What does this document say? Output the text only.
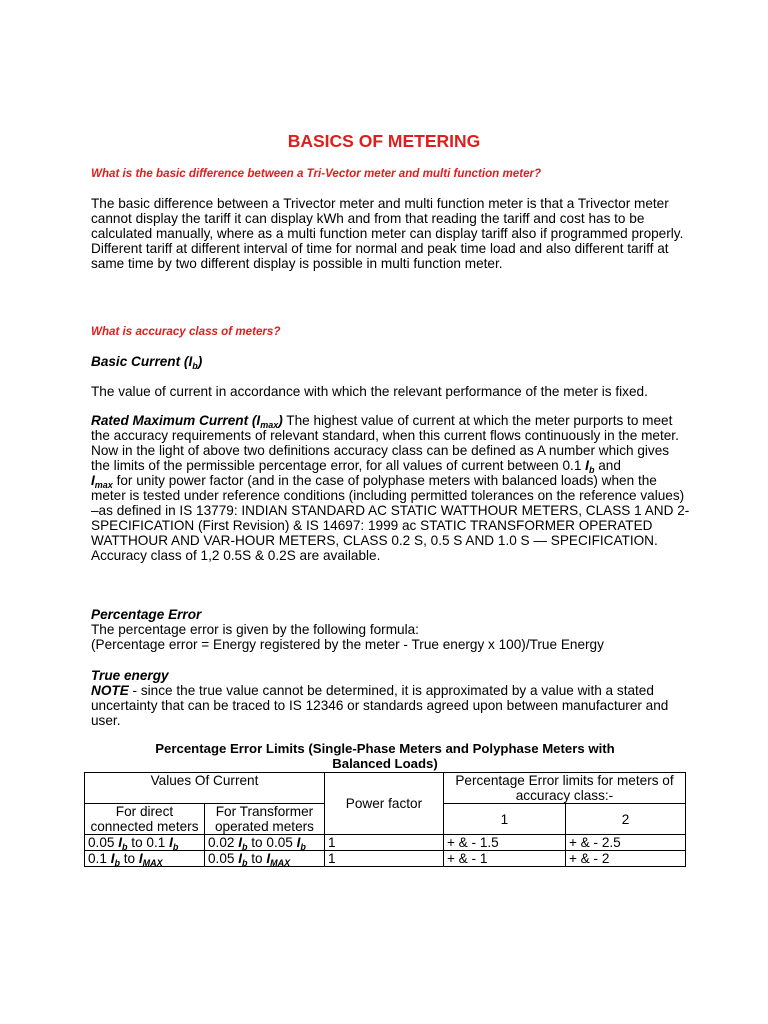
BASICS OF METERING
What is the basic difference between a Tri-Vector meter and multi function meter?

The basic difference between a Trivector meter and multi function meter is that a Trivector meter cannot display the tariff it can display kWh and from that reading the tariff and cost has to be calculated manually, where as a multi function meter can display tariff also if programmed properly. Different tariff at different interval of time for normal and peak time load and also different tariff at same time by two different display is possible in multi function meter.

What is accuracy class of meters?
Basic Current $(I_b)$

The value of current in accordance with which the relevant performance of the meter is fixed.

Rated Maximum Current $(I_{max})$ The highest value of current at which the meter purports to meet the accuracy requirements of relevant standard, when this current flows continuously in the meter.
Now in the light of above two definitions accuracy class can be defined as A number which gives the limits of the permissible percentage error, for all values of current between 0.1 $I_b$ and
$I_{max}$ for unity power factor (and in the case of polyphase meters with balanced loads) when the meter is tested under reference conditions (including permitted tolerances on the reference values) –as defined in IS 13779: INDIAN STANDARD AC STATIC WATTHOUR METERS, CLASS 1 AND 2-SPECIFICATION (First Revision) & IS 14697: 1999 ac STATIC TRANSFORMER OPERATED WATTHOUR AND VAR-HOUR METERS, CLASS 0.2 S, 0.5 S AND 1.0 S — SPECIFICATION.
Accuracy class of 1,2 0.5S & 0.2S are available.

Percentage Error

The percentage error is given by the following formula:
(Percentage error = Energy registered by the meter - True energy x 100)/True Energy

True energy

NOTE - since the true value cannot be determined, it is approximated by a value with a stated uncertainty that can be traced to IS 12346 or standards agreed upon between manufacturer and user.

Percentage Error Limits (Single-Phase Meters and Polyphase Meters with Balanced Loads)
Values Of Current		Power factor	Percentage Error limits for meters of accuracy class:-	
For direct connected meters	For Transformer operated meters		1	2
0.05 $I_b$ to 0.1 $I_b$	0.02 $I_b$ to 0.05 $I_b$	1	+ & - 1.5	+ & - 2.5
0.1 $I_b$ to $I_{MAX}$	0.05 $I_b$ to $I_{MAX}$	1	+ & - 1	+ & - 2
